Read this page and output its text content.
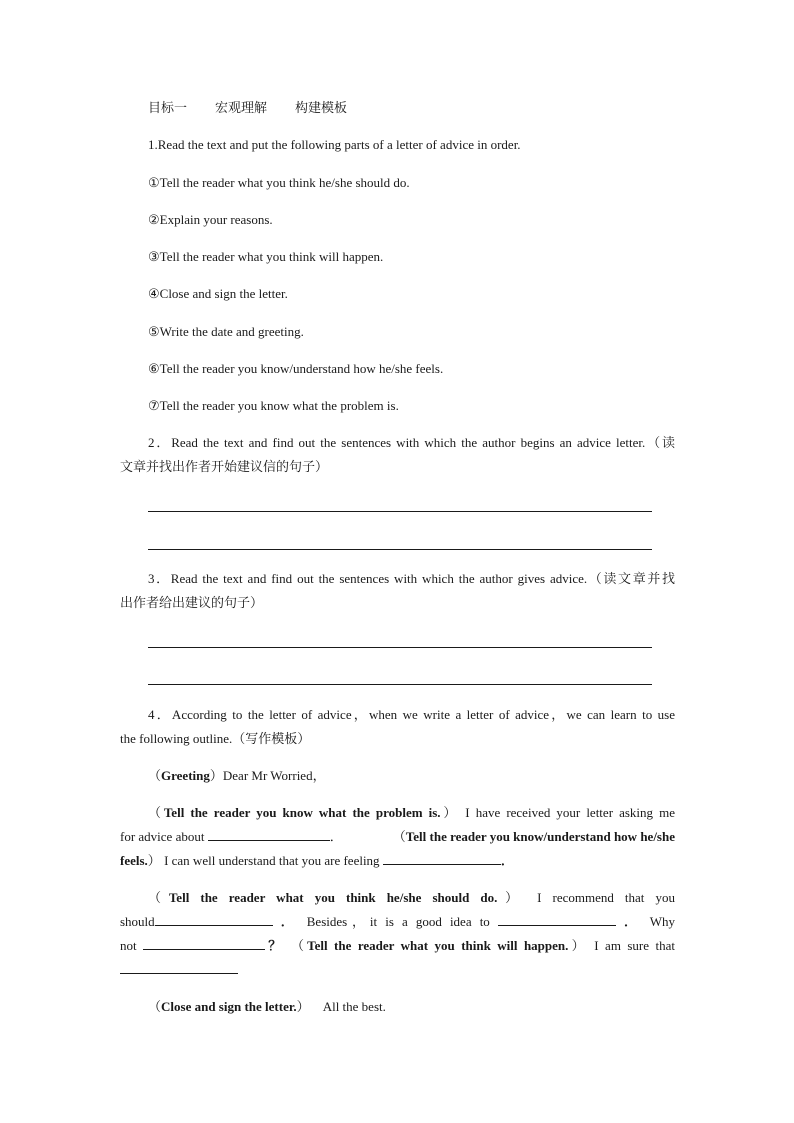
目标一 宏观理解 构建模板
1.Read the text and put the following parts of a letter of advice in order.
①Tell the reader what you think he/she should do.
②Explain your reasons.
③Tell the reader what you think will happen.
④Close and sign the letter.
⑤Write the date and greeting.
⑥Tell the reader you know/understand how he/she feels.
⑦Tell the reader you know what the problem is.
2．Read the text and find out the sentences with which the author begins an advice letter.（读
文章并找出作者开始建议信的句子）
3．Read the text and find out the sentences with which the author gives advice.（读文章并找
出作者给出建议的句子）
4．According to the letter of advice，when we write a letter of advice，we can learn to use
the following outline.（写作模板）
（Greeting）Dear Mr Worried，
（Tell the reader you know what the problem is.） I have received your letter asking me
for advice about	．	（Tell the reader you know/understand how he/she
feels.） I can well understand that you are feeling	．
（Tell the reader what you think he/she should do.） I recommend that you
should	． Besides，it is a good idea to	． Why
not	？ （Tell the reader what you think will happen.） I am sure that
（Close and sign the letter.）    All the best.
